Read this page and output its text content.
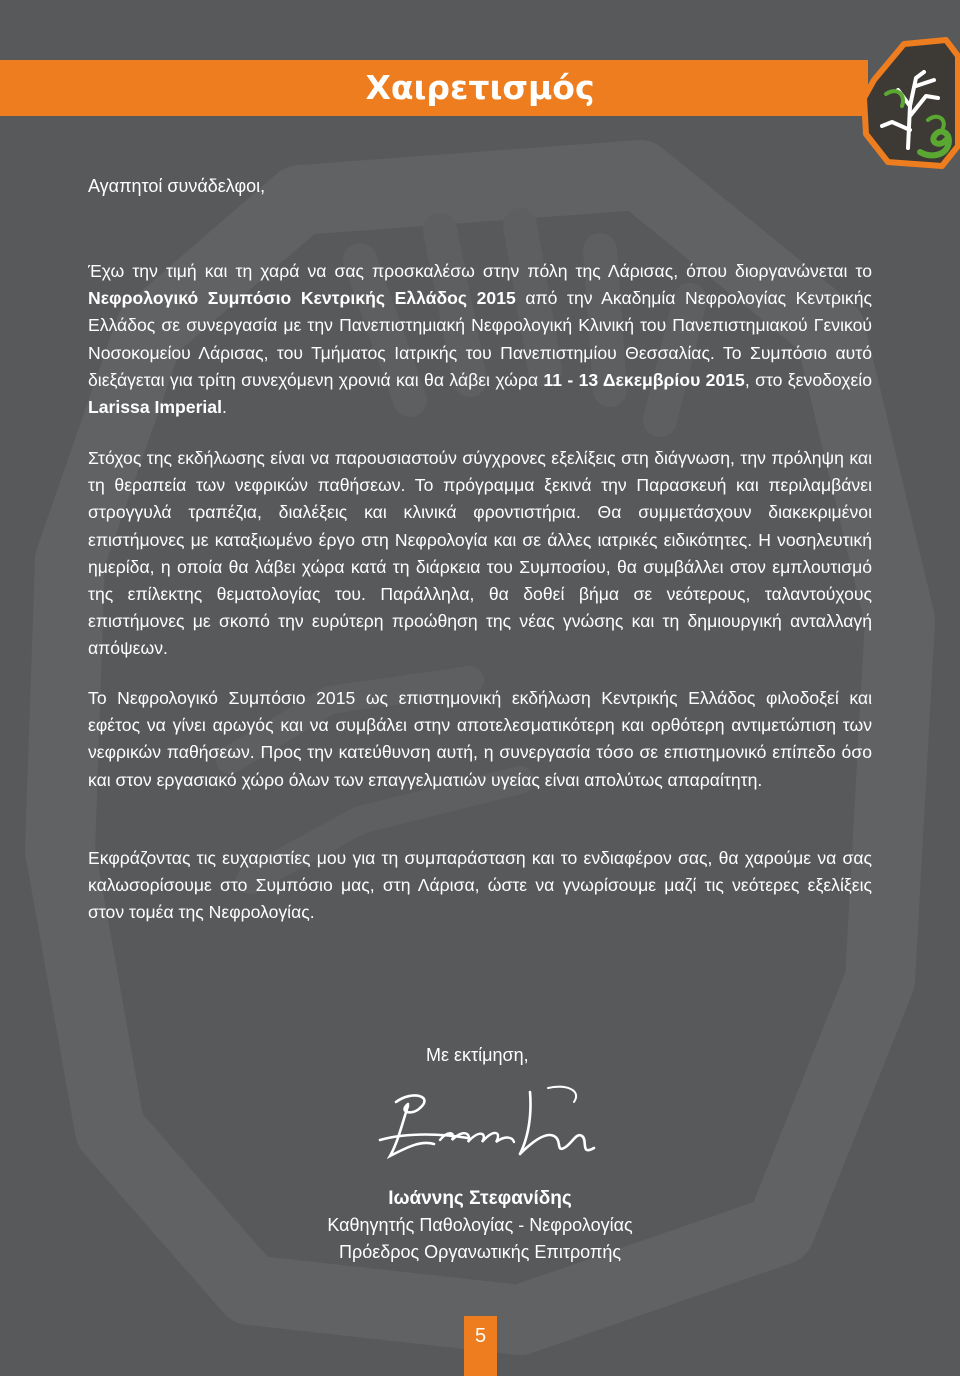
Χαιρετισμός
Αγαπητοί συνάδελφοι,

Έχω την τιμή και τη χαρά να σας προσκαλέσω στην πόλη της Λάρισας, όπου διοργανώνεται το Νεφρολογικό Συμπόσιο Κεντρικής Ελλάδος 2015 από την Ακαδημία Νεφρολογίας Κεντρικής Ελλάδος σε συνεργασία με την Πανεπιστημιακή Νεφρολογική Κλινική του Πανεπιστημιακού Γενικού Νοσοκομείου Λάρισας, του Τμήματος Ιατρικής του Πανεπιστημίου Θεσσαλίας. Το Συμπόσιο αυτό διεξάγεται για τρίτη συνεχόμενη χρονιά και θα λάβει χώρα 11 - 13 Δεκεμβρίου 2015, στο ξενοδοχείο Larissa Imperial.

Στόχος της εκδήλωσης είναι να παρουσιαστούν σύγχρονες εξελίξεις στη διάγνωση, την πρόληψη και τη θεραπεία των νεφρικών παθήσεων. Το πρόγραμμα ξεκινά την Παρασκευή και περιλαμβάνει στρογγυλά τραπέζια, διαλέξεις και κλινικά φροντιστήρια. Θα συμμετάσχουν διακεκριμένοι επιστήμονες με καταξιωμένο έργο στη Νεφρολογία και σε άλλες ιατρικές ειδικότητες. Η νοσηλευτική ημερίδα, η οποία θα λάβει χώρα κατά τη διάρκεια του Συμποσίου, θα συμβάλλει στον εμπλουτισμό της επίλεκτης θεματολογίας του. Παράλληλα, θα δοθεί βήμα σε νεότερους, ταλαντούχους επιστήμονες με σκοπό την ευρύτερη προώθηση της νέας γνώσης και τη δημιουργική ανταλλαγή απόψεων.

Το Νεφρολογικό Συμπόσιο 2015 ως επιστημονική εκδήλωση Κεντρικής Ελλάδος φιλοδοξεί και εφέτος να γίνει αρωγός και να συμβάλει στην αποτελεσματικότερη και ορθότερη αντιμετώπιση των νεφρικών παθήσεων. Προς την κατεύθυνση αυτή, η συνεργασία τόσο σε επιστημονικό επίπεδο όσο και στον εργασιακό χώρο όλων των επαγγελματιών υγείας είναι απολύτως απαραίτητη.

Εκφράζοντας τις ευχαριστίες μου για τη συμπαράσταση και το ενδιαφέρον σας, θα χαρούμε να σας καλωσορίσουμε στο Συμπόσιο μας, στη Λάρισα, ώστε να γνωρίσουμε μαζί τις νεότερες εξελίξεις στον τομέα της Νεφρολογίας.

Με εκτίμηση,
Ιωάννης Στεφανίδης
Καθηγητής Παθολογίας - Νεφρολογίας
Πρόεδρος Οργανωτικής Επιτροπής
5
